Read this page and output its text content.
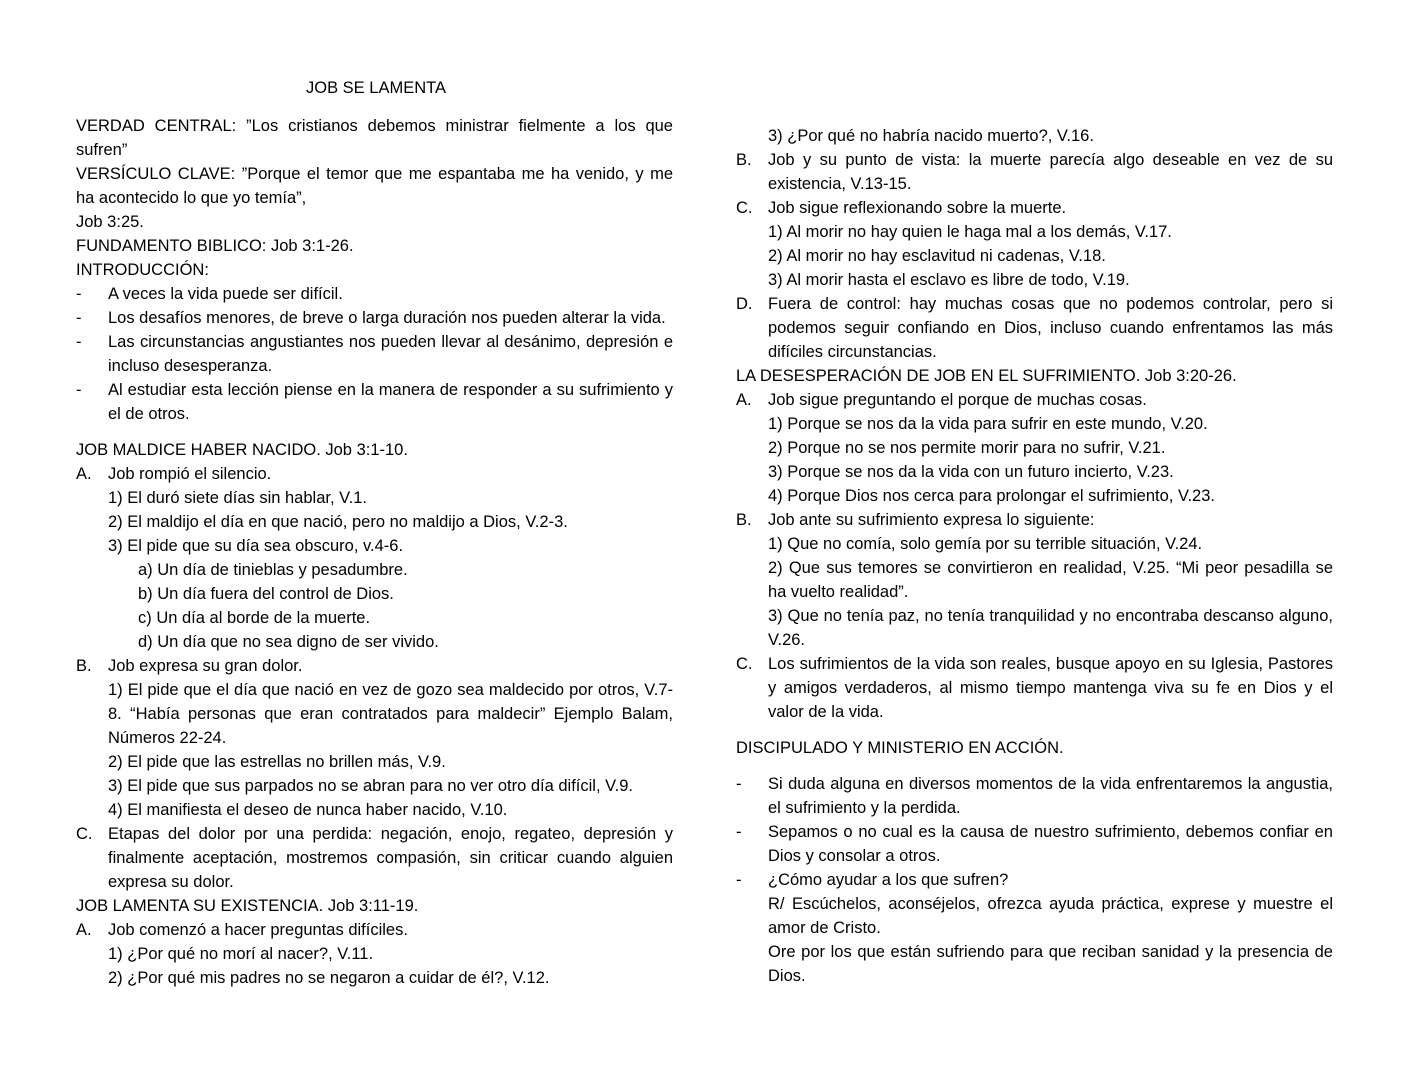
JOB SE LAMENTA
VERDAD CENTRAL: ”Los cristianos debemos ministrar fielmente a los que sufren”
VERSÍCULO CLAVE: ”Porque el temor que me espantaba me ha venido, y me ha acontecido lo que yo temía”,
Job 3:25.
FUNDAMENTO BIBLICO: Job 3:1-26.
INTRODUCCIÓN:
-	A veces la vida puede ser difícil.
-	Los desafíos menores, de breve o larga duración nos pueden alterar la vida.
-	Las circunstancias angustiantes nos pueden llevar al desánimo, depresión e incluso desesperanza.
-	Al estudiar esta lección piense en la manera de responder a su sufrimiento y el de otros.
JOB MALDICE HABER NACIDO. Job 3:1-10.
A. Job rompió el silencio.
1) El duró siete días sin hablar, V.1.
2) El maldijo el día en que nació, pero no maldijo a Dios, V.2-3.
3) El pide que su día sea obscuro, v.4-6.
a) Un día de tinieblas y pesadumbre.
b) Un día fuera del control de Dios.
c) Un día al borde de la muerte.
d) Un día que no sea digno de ser vivido.
B. Job expresa su gran dolor.
1) El pide que el día que nació en vez de gozo sea maldecido por otros, V.7-8. “Había personas que eran contratados para maldecir” Ejemplo Balam, Números 22-24.
2) El pide que las estrellas no brillen más, V.9.
3) El pide que sus parpados no se abran para no ver otro día difícil, V.9.
4) El manifiesta el deseo de nunca haber nacido, V.10.
C. Etapas del dolor por una perdida: negación, enojo, regateo, depresión y finalmente aceptación, mostremos compasión, sin criticar cuando alguien expresa su dolor.
JOB LAMENTA SU EXISTENCIA. Job 3:11-19.
A. Job comenzó a hacer preguntas difíciles.
1) ¿Por qué no morí al nacer?, V.11.
2) ¿Por qué mis padres no se negaron a cuidar de él?, V.12.
3) ¿Por qué no habría nacido muerto?, V.16.
B. Job y su punto de vista: la muerte parecía algo deseable en vez de su existencia, V.13-15.
C. Job sigue reflexionando sobre la muerte.
1) Al morir no hay quien le haga mal a los demás, V.17.
2) Al morir no hay esclavitud ni cadenas, V.18.
3) Al morir hasta el esclavo es libre de todo, V.19.
D. Fuera de control: hay muchas cosas que no podemos controlar, pero si podemos seguir confiando en Dios, incluso cuando enfrentamos las más difíciles circunstancias.
LA DESESPERACIÓN DE JOB EN EL SUFRIMIENTO. Job 3:20-26.
A. Job sigue preguntando el porque de muchas cosas.
1) Porque se nos da la vida para sufrir en este mundo, V.20.
2) Porque no se nos permite morir para no sufrir, V.21.
3) Porque se nos da la vida con un futuro incierto, V.23.
4) Porque Dios nos cerca para prolongar el sufrimiento, V.23.
B. Job ante su sufrimiento expresa lo siguiente:
1) Que no comía, solo gemía por su terrible situación, V.24.
2) Que sus temores se convirtieron en realidad, V.25. “Mi peor pesadilla se ha vuelto realidad”.
3) Que no tenía paz, no tenía tranquilidad y no encontraba descanso alguno, V.26.
C. Los sufrimientos de la vida son reales, busque apoyo en su Iglesia, Pastores y amigos verdaderos, al mismo tiempo mantenga viva su fe en Dios y el valor de la vida.
DISCIPULADO Y MINISTERIO EN ACCIÓN.
-	Si duda alguna en diversos momentos de la vida enfrentaremos la angustia, el sufrimiento y la perdida.
-	Sepamos o no cual es la causa de nuestro sufrimiento, debemos confiar en Dios y consolar a otros.
-	¿Cómo ayudar a los que sufren?
R/ Escúchelos, aconséjelos, ofrezca ayuda práctica, exprese y muestre el amor de Cristo.
Ore por los que están sufriendo para que reciban sanidad y la presencia de Dios.
